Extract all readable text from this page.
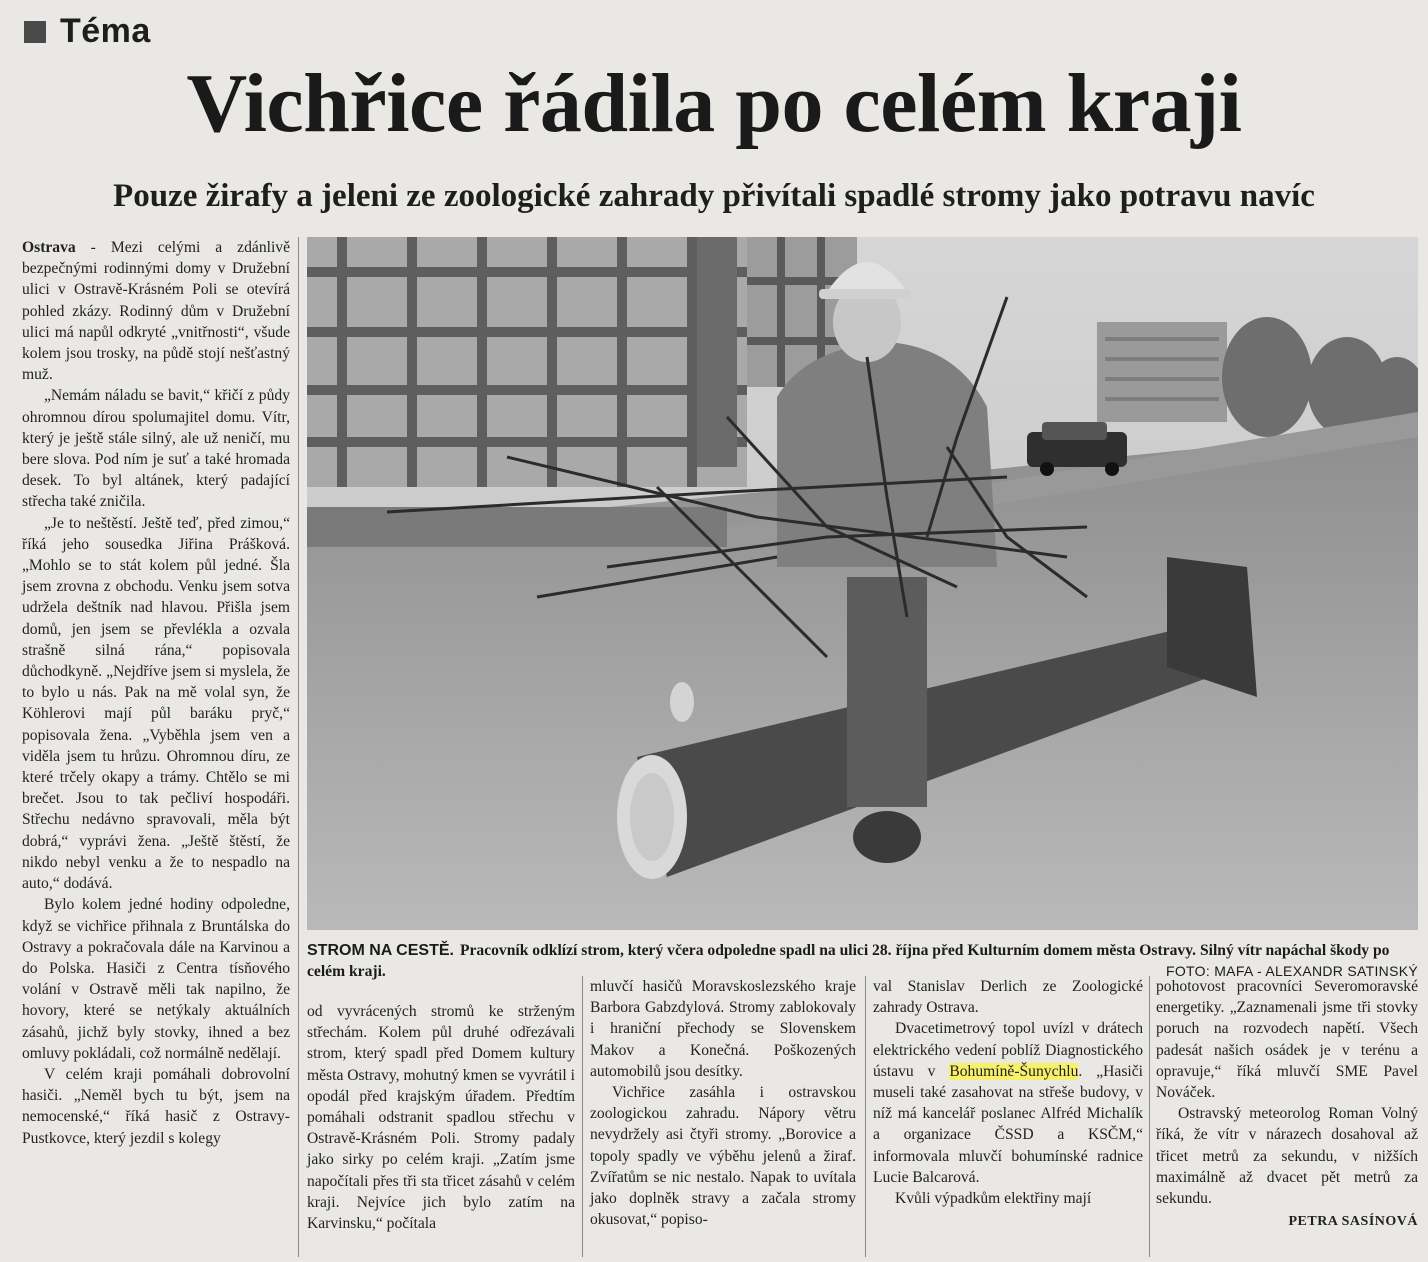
Téma
Vichřice řádila po celém kraji
Pouze žirafy a jeleni ze zoologické zahrady přivítali spadlé stromy jako potravu navíc
STROM NA CESTĚ. Pracovník odklízí strom, který včera odpoledne spadl na ulici 28. října před Kulturním domem města Ostravy. Silný vítr napáchal škody po celém kraji.	FOTO: MAFA - ALEXANDR SATINSKÝ

Ostrava - Mezi celými a zdánlivě bezpečnými rodinnými domy v Družební ulici v Ostravě-Krásném Poli se otevírá pohled zkázy. Rodinný dům v Družební ulici má napůl odkryté „vnitřnosti“, všude kolem jsou trosky, na půdě stojí nešťastný muž.

„Nemám náladu se bavit,“ křičí z půdy ohromnou dírou spolumajitel domu. Vítr, který je ještě stále silný, ale už neničí, mu bere slova. Pod ním je suť a také hromada desek. To byl altánek, který padající střecha také zničila.

„Je to neštěstí. Ještě teď, před zimou,“ říká jeho sousedka Jiřina Prášková. „Mohlo se to stát kolem půl jedné. Šla jsem zrovna z obchodu. Venku jsem sotva udržela deštník nad hlavou. Přišla jsem domů, jen jsem se převlékla a ozvala strašně silná rána,“ popisovala důchodkyně. „Nejdříve jsem si myslela, že to bylo u nás. Pak na mě volal syn, že Köhlerovi mají půl baráku pryč,“ popisovala žena. „Vyběhla jsem ven a viděla jsem tu hrůzu. Ohromnou díru, ze které trčely okapy a trámy. Chtělo se mi brečet. Jsou to tak pečliví hospodáři. Střechu nedávno spravovali, měla být dobrá,“ vyprávi žena. „Ještě štěstí, že nikdo nebyl venku a že to nespadlo na auto,“ dodává.

Bylo kolem jedné hodiny odpoledne, když se vichřice přihnala z Bruntálska do Ostravy a pokračovala dále na Karvinou a do Polska. Hasiči z Centra tísňového volání v Ostravě měli tak napilno, že hovory, které se netýkaly aktuálních zásahů, jichž byly stovky, ihned a bez omluvy pokládali, což normálně nedělají.

V celém kraji pomáhali dobrovolní hasiči. „Neměl bych tu být, jsem na nemocenské,“ říká hasič z Ostravy-Pustkovce, který jezdil s kolegy

od vyvrácených stromů ke strženým střechám. Kolem půl druhé odřezávali strom, který spadl před Domem kultury města Ostravy, mohutný kmen se vyvrátil i opodál před krajským úřadem. Předtím pomáhali odstranit spadlou střechu v Ostravě-Krásném Poli. Stromy padaly jako sirky po celém kraji. „Zatím jsme napočítali přes tři sta třicet zásahů v celém kraji. Nejvíce jich bylo zatím na Karvinsku,“ počítala

mluvčí hasičů Moravskoslezského kraje Barbora Gabzdylová. Stromy zablokovaly i hraniční přechody se Slovenskem Makov a Konečná. Poškozených automobilů jsou desítky.

Vichřice zasáhla i ostravskou zoologickou zahradu. Nápory větru nevydržely asi čtyři stromy. „Borovice a topoly spadly ve výběhu jelenů a žiraf. Zvířatům se nic nestalo. Napak to uvítala jako doplněk stravy a začala stromy okusovat,“ popiso-

val Stanislav Derlich ze Zoologické zahrady Ostrava.

Dvacetimetrový topol uvízl v drátech elektrického vedení poblíž Diagnostického ústavu v Bohumíně-Šunychlu. „Hasiči museli také zasahovat na střeše budovy, v níž má kancelář poslanec Alfréd Michalík a organizace ČSSD a KSČM,“ informovala mluvčí bohumínské radnice Lucie Balcarová.

Kvůli výpadkům elektřiny mají

pohotovost pracovníci Severomoravské energetiky. „Zaznamenali jsme tři stovky poruch na rozvodech napětí. Všech padesát našich osádek je v terénu a opravuje,“ říká mluvčí SME Pavel Nováček.

Ostravský meteorolog Roman Volný říká, že vítr v nárazech dosahoval až třicet metrů za sekundu, v nižších maximálně až dvacet pět metrů za sekundu.

PETRA SASÍNOVÁ
